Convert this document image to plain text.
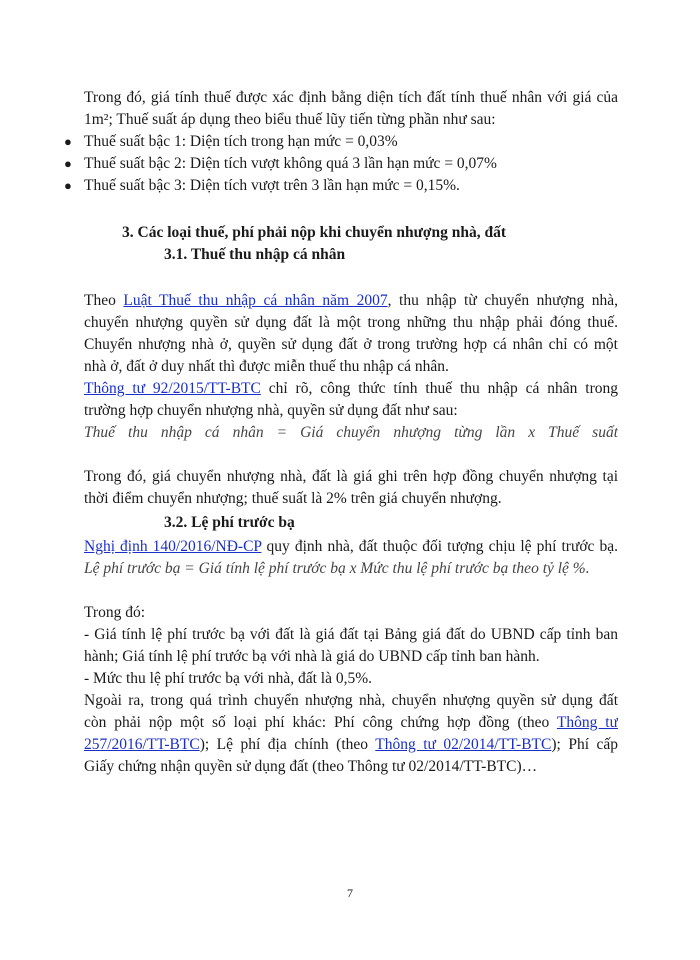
Trong đó, giá tính thuế được xác định bằng diện tích đất tính thuế nhân với giá của
1m²; Thuế suất áp dụng theo biểu thuế lũy tiến từng phần như sau:
● Thuế suất bậc 1: Diện tích trong hạn mức = 0,03%
● Thuế suất bậc 2: Diện tích vượt không quá 3 lần hạn mức = 0,07%
● Thuế suất bậc 3: Diện tích vượt trên 3 lần hạn mức = 0,15%.
3. Các loại thuế, phí phải nộp khi chuyển nhượng nhà, đất
3.1. Thuế thu nhập cá nhân
Theo Luật Thuế thu nhập cá nhân năm 2007, thu nhập từ chuyển nhượng nhà,
chuyển nhượng quyền sử dụng đất là một trong những thu nhập phải đóng thuế.
Chuyển nhượng nhà ở, quyền sử dụng đất ở trong trường hợp cá nhân chỉ có một
nhà ở, đất ở duy nhất thì được miễn thuế thu nhập cá nhân.
Thông tư 92/2015/TT-BTC chỉ rõ, công thức tính thuế thu nhập cá nhân trong
trường hợp chuyển nhượng nhà, quyền sử dụng đất như sau:
Thuế thu nhập cá nhân = Giá chuyển nhượng từng lần x Thuế suất
Trong đó, giá chuyển nhượng nhà, đất là giá ghi trên hợp đồng chuyển nhượng tại
thời điểm chuyển nhượng; thuế suất là 2% trên giá chuyển nhượng.
3.2. Lệ phí trước bạ
Nghị định 140/2016/NĐ-CP quy định nhà, đất thuộc đối tượng chịu lệ phí trước bạ.
Lệ phí trước bạ = Giá tính lệ phí trước bạ x Mức thu lệ phí trước bạ theo tỷ lệ %.
Trong đó:
- Giá tính lệ phí trước bạ với đất là giá đất tại Bảng giá đất do UBND cấp tỉnh ban
hành; Giá tính lệ phí trước bạ với nhà là giá do UBND cấp tỉnh ban hành.
- Mức thu lệ phí trước bạ với nhà, đất là 0,5%.
Ngoài ra, trong quá trình chuyển nhượng nhà, chuyển nhượng quyền sử dụng đất
còn phải nộp một số loại phí khác: Phí công chứng hợp đồng (theo Thông tư
257/2016/TT-BTC); Lệ phí địa chính (theo Thông tư 02/2014/TT-BTC); Phí cấp
Giấy chứng nhận quyền sử dụng đất (theo Thông tư 02/2014/TT-BTC)…
7
